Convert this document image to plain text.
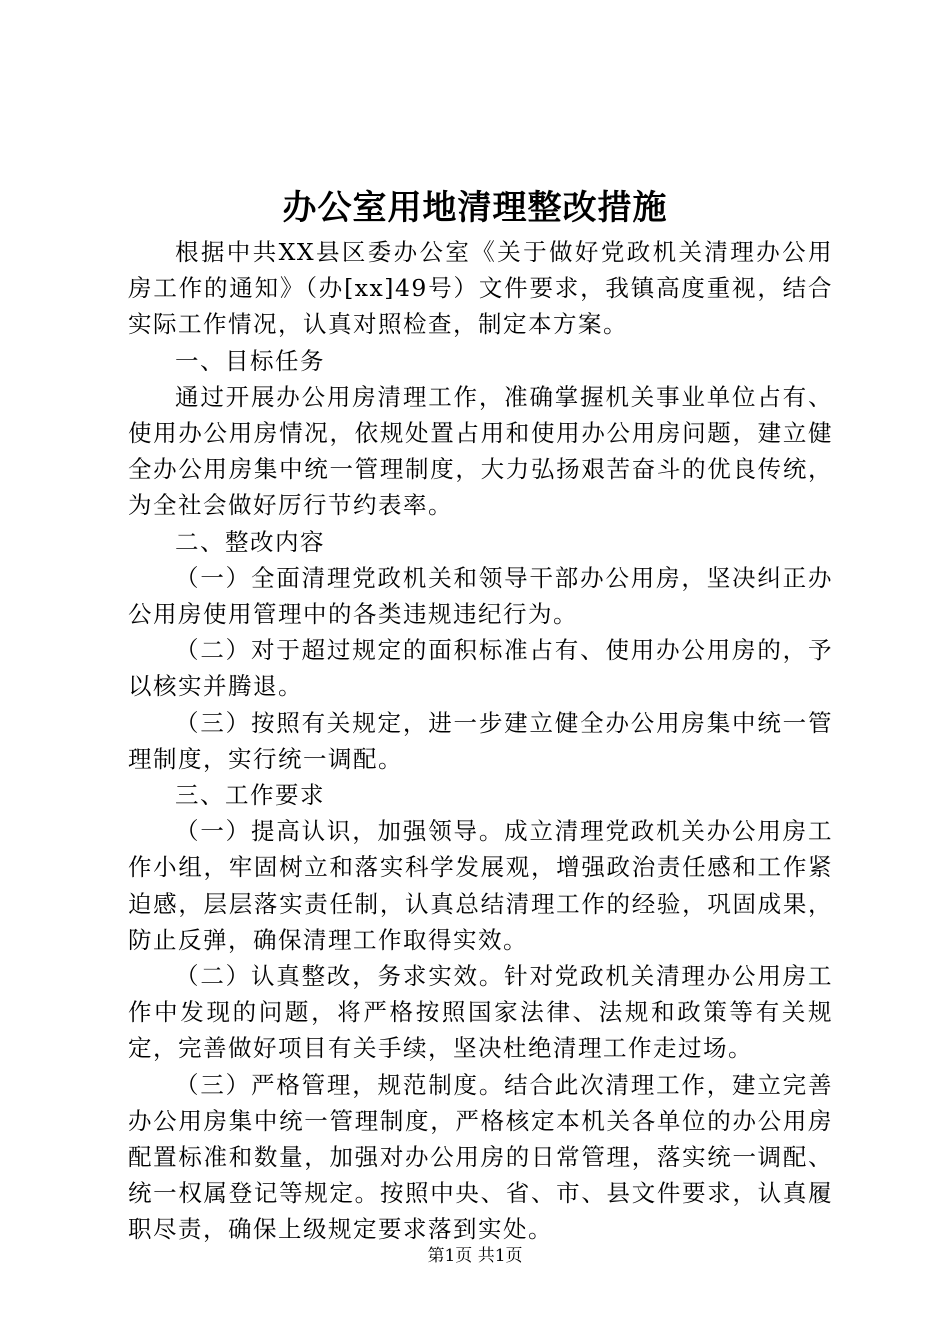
办公室用地清理整改措施

根据中共XX县区委办公室《关于做好党政机关清理办公用房工作的通知》（办[xx]49号）文件要求，我镇高度重视，结合实际工作情况，认真对照检查，制定本方案。

一、目标任务

通过开展办公用房清理工作，准确掌握机关事业单位占有、使用办公用房情况，依规处置占用和使用办公用房问题，建立健全办公用房集中统一管理制度，大力弘扬艰苦奋斗的优良传统，为全社会做好厉行节约表率。

二、整改内容

（一）全面清理党政机关和领导干部办公用房，坚决纠正办公用房使用管理中的各类违规违纪行为。

（二）对于超过规定的面积标准占有、使用办公用房的，予以核实并腾退。

（三）按照有关规定，进一步建立健全办公用房集中统一管理制度，实行统一调配。

三、工作要求

（一）提高认识，加强领导。成立清理党政机关办公用房工作小组，牢固树立和落实科学发展观，增强政治责任感和工作紧迫感，层层落实责任制，认真总结清理工作的经验，巩固成果，防止反弹，确保清理工作取得实效。

（二）认真整改，务求实效。针对党政机关清理办公用房工作中发现的问题，将严格按照国家法律、法规和政策等有关规定，完善做好项目有关手续，坚决杜绝清理工作走过场。

（三）严格管理，规范制度。结合此次清理工作，建立完善办公用房集中统一管理制度，严格核定本机关各单位的办公用房配置标准和数量，加强对办公用房的日常管理，落实统一调配、统一权属登记等规定。按照中央、省、市、县文件要求，认真履职尽责，确保上级规定要求落到实处。

第1页 共1页
